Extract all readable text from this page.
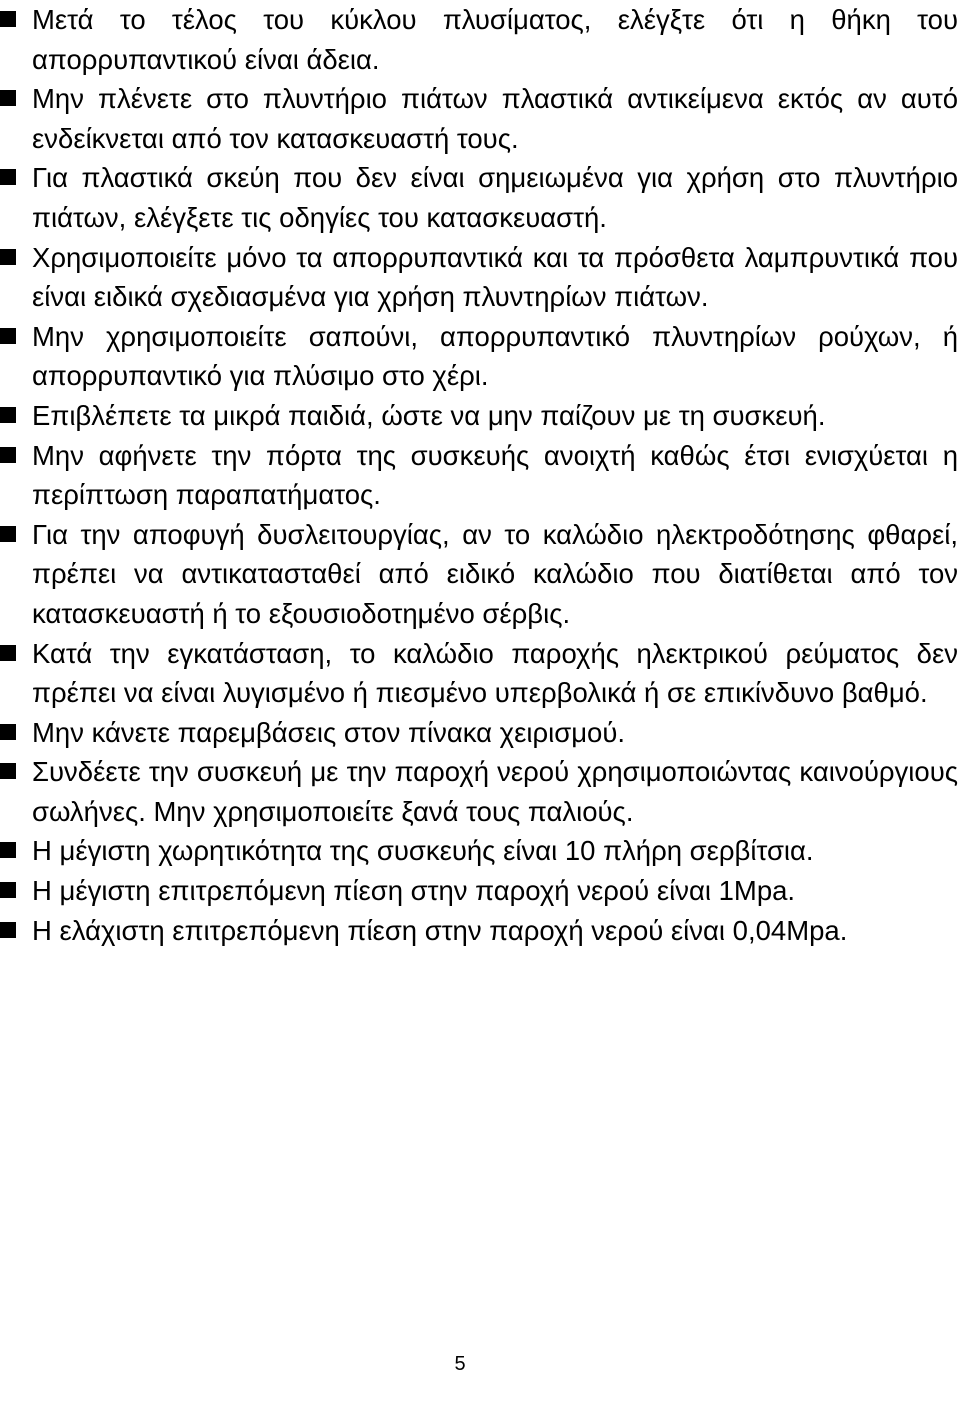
Μετά το τέλος του κύκλου πλυσίματος, ελέγξτε ότι η θήκη του απορρυπαντικού είναι άδεια.
Μην πλένετε στο πλυντήριο πιάτων πλαστικά αντικείμενα εκτός αν αυτό ενδείκνεται από τον κατασκευαστή τους.
Για πλαστικά σκεύη που δεν είναι σημειωμένα για χρήση στο πλυντήριο πιάτων, ελέγξετε τις οδηγίες του κατασκευαστή.
Χρησιμοποιείτε μόνο τα απορρυπαντικά και τα πρόσθετα λαμπρυντικά που είναι ειδικά σχεδιασμένα για χρήση πλυντηρίων πιάτων.
Μην χρησιμοποιείτε σαπούνι, απορρυπαντικό πλυντηρίων ρούχων, ή απορρυπαντικό για πλύσιμο στο χέρι.
Επιβλέπετε τα μικρά παιδιά, ώστε να μην παίζουν με τη συσκευή.
Μην αφήνετε την πόρτα της συσκευής ανοιχτή καθώς έτσι ενισχύεται η περίπτωση παραπατήματος.
Για την αποφυγή δυσλειτουργίας, αν το καλώδιο ηλεκτροδότησης φθαρεί, πρέπει να αντικατασταθεί από ειδικό καλώδιο που διατίθεται από τον κατασκευαστή ή το εξουσιοδοτημένο σέρβις.
Κατά την εγκατάσταση, το καλώδιο παροχής ηλεκτρικού ρεύματος δεν πρέπει να είναι λυγισμένο ή πιεσμένο υπερβολικά ή σε επικίνδυνο βαθμό.
Μην κάνετε παρεμβάσεις στον πίνακα χειρισμού.
Συνδέετε την συσκευή με την παροχή νερού χρησιμοποιώντας καινούργιους σωλήνες. Μην χρησιμοποιείτε ξανά τους παλιούς.
Η μέγιστη χωρητικότητα της συσκευής είναι 10 πλήρη σερβίτσια.
Η μέγιστη επιτρεπόμενη πίεση στην παροχή νερού είναι 1Mpa.
Η ελάχιστη επιτρεπόμενη πίεση στην παροχή νερού είναι 0,04Mpa.
5
